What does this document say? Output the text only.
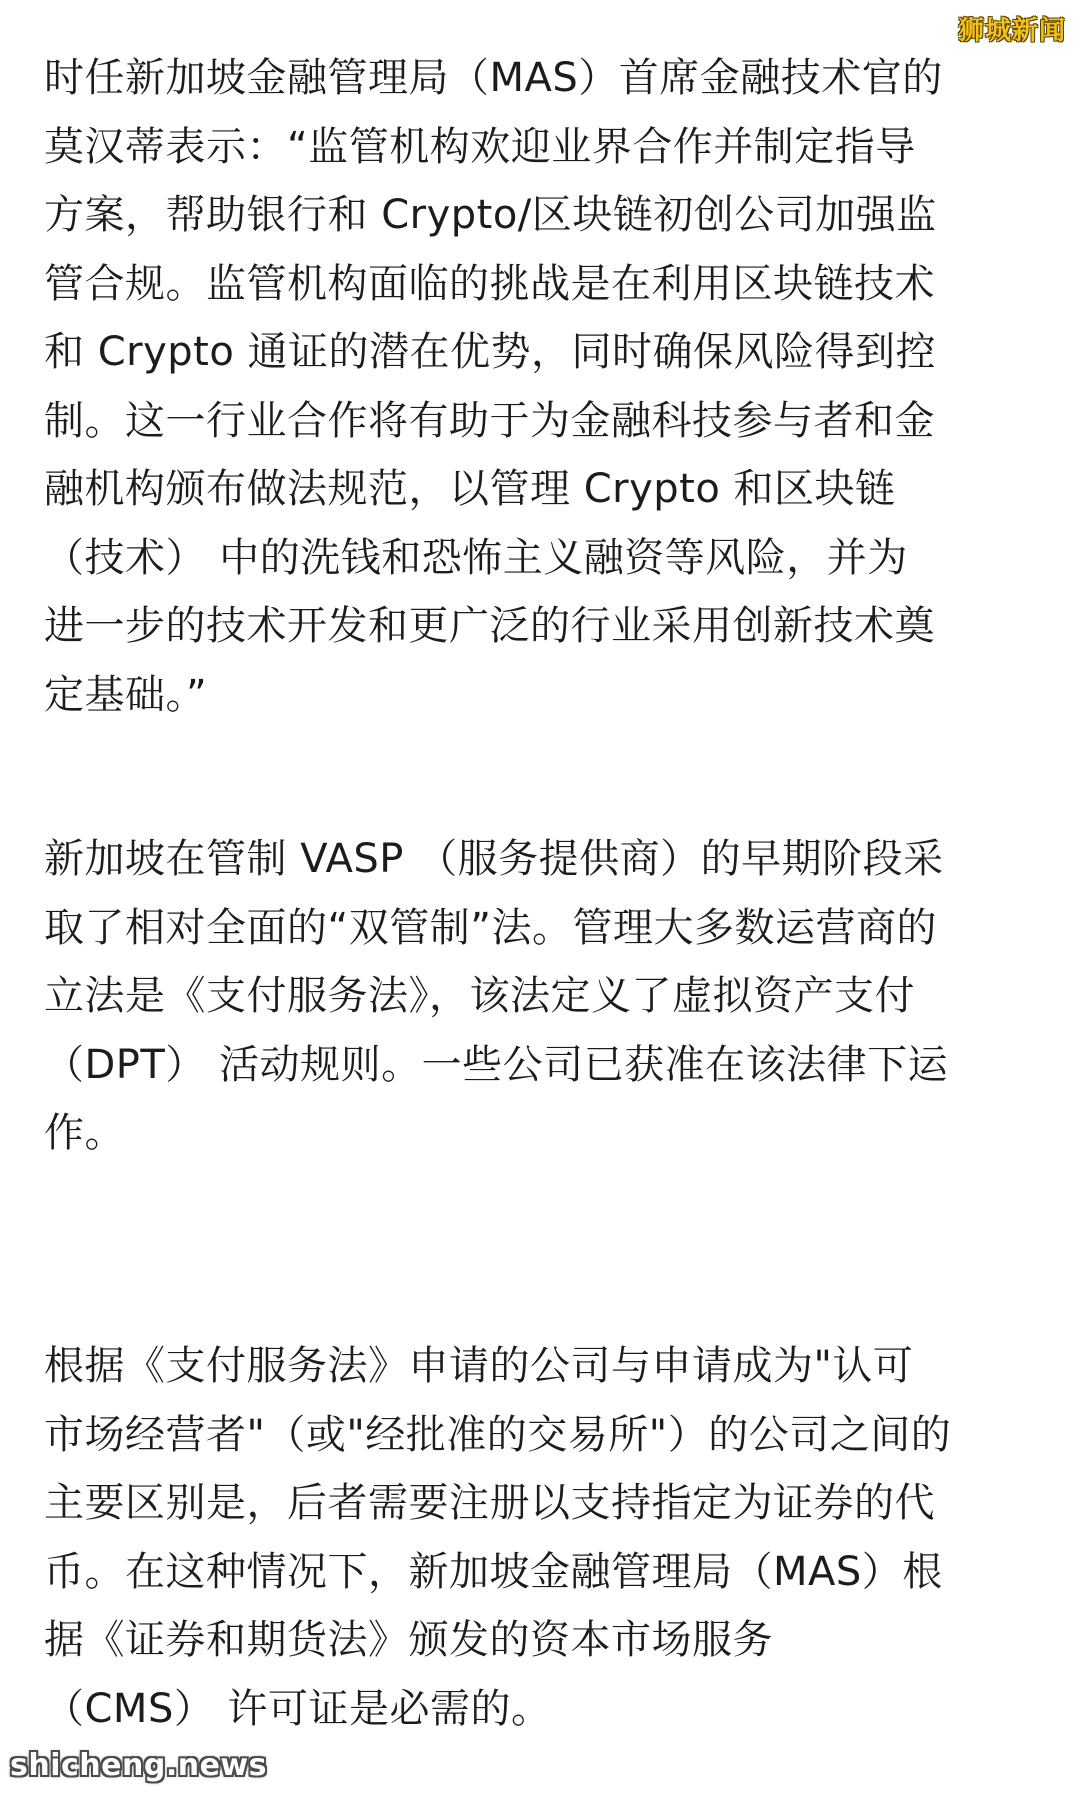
狮城新闻

时任新加坡金融管理局（MAS）首席金融技术官的
莫汉蒂表示：“监管机构欢迎业界合作并制定指导
方案，帮助银行和 Crypto/区块链初创公司加强监
管合规。监管机构面临的挑战是在利用区块链技术
和 Crypto 通证的潜在优势，同时确保风险得到控
制。这一行业合作将有助于为金融科技参与者和金
融机构颁布做法规范，以管理 Crypto 和区块链
（技术） 中的洗钱和恐怖主义融资等风险，并为
进一步的技术开发和更广泛的行业采用创新技术奠
定基础。”

新加坡在管制 VASP （服务提供商）的早期阶段采
取了相对全面的“双管制”法。管理大多数运营商的
立法是《支付服务法》，该法定义了虚拟资产支付
（DPT） 活动规则。一些公司已获准在该法律下运
作。

根据《支付服务法》申请的公司与申请成为"认可
市场经营者"（或"经批准的交易所"）的公司之间的
主要区别是，后者需要注册以支持指定为证券的代
币。在这种情况下，新加坡金融管理局（MAS）根
据《证券和期货法》颁发的资本市场服务
（CMS） 许可证是必需的。

shicheng.news
